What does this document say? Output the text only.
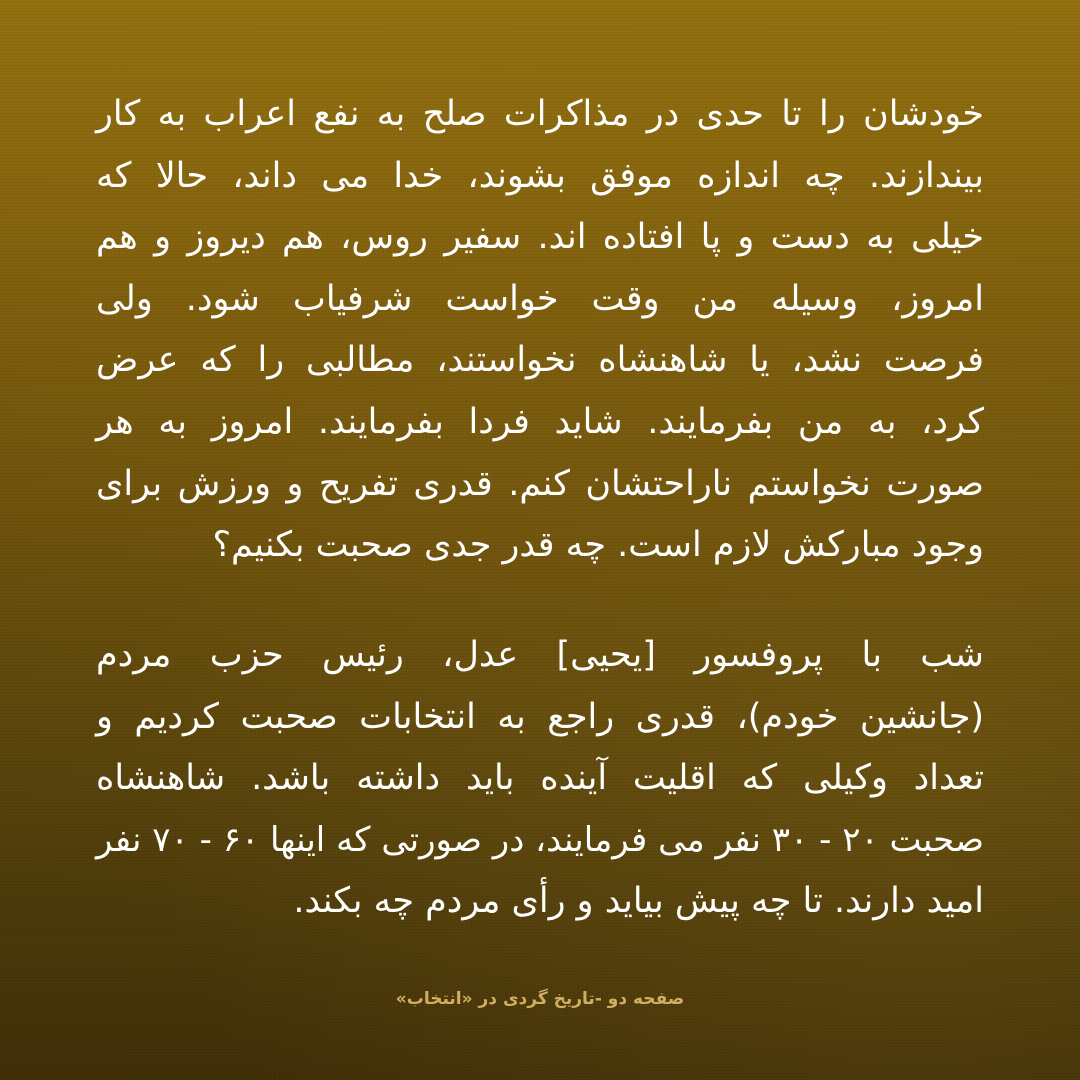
خودشان را تا حدی در مذاکرات صلح به نفع اعراب به کار
بیندازند. چه اندازه موفق بشوند، خدا می داند، حالا که
خیلی به دست و پا افتاده اند. سفیر روس، هم دیروز و هم
امروز، وسیله من وقت خواست شرفیاب شود. ولی
فرصت نشد، یا شاهنشاه نخواستند، مطالبی را که عرض
کرد، به من بفرمایند. شاید فردا بفرمایند. امروز به هر
صورت نخواستم ناراحتشان کنم. قدری تفریح و ورزش برای
وجود مبارکش لازم است. چه قدر جدی صحبت بکنیم؟

شب با پروفسور [یحیی] عدل، رئیس حزب مردم
(جانشین خودم)، قدری راجع به انتخابات صحبت کردیم و
تعداد وکیلی که اقلیت آینده باید داشته باشد. شاهنشاه
صحبت ۲۰ - ۳۰ نفر می فرمایند، در صورتی که اینها ۶۰ - ۷۰ نفر
امید دارند. تا چه پیش بیاید و رأی مردم چه بکند.

صفحه دو -تاریخ گردی در «انتخاب»
